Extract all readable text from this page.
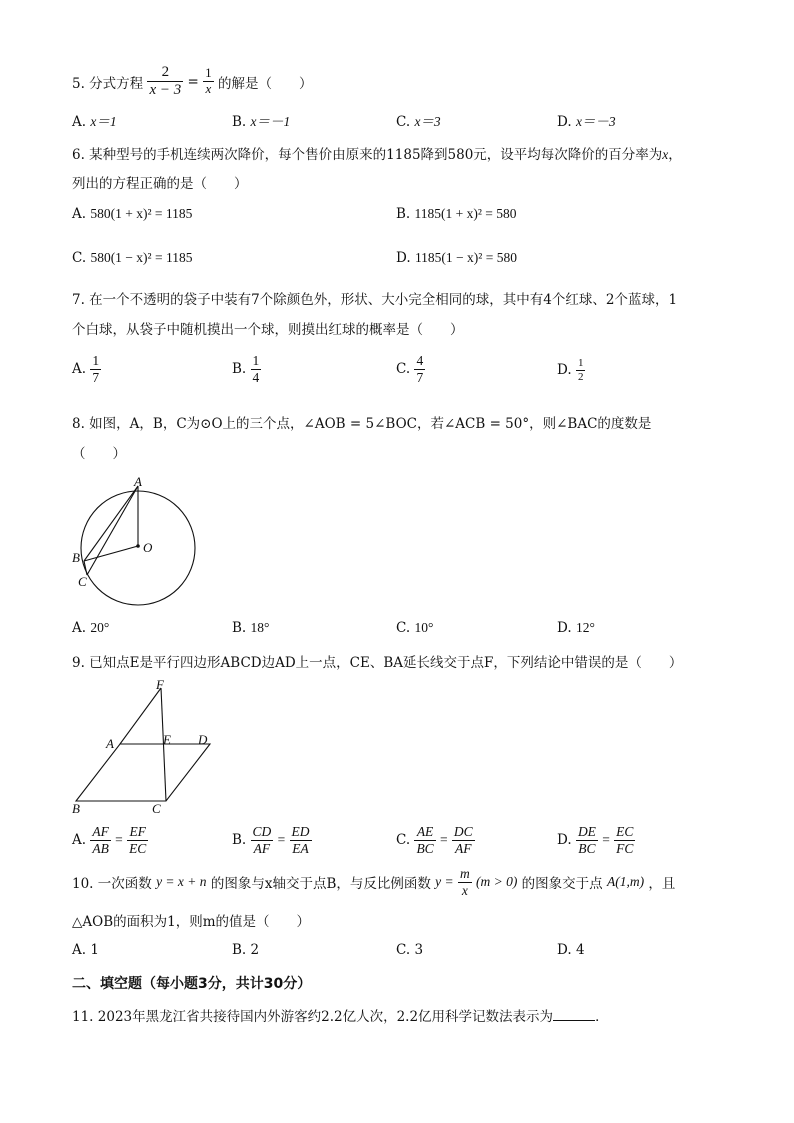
5. 分式方程 $\frac{2}{x - 3} = \frac{1}{x}$ 的解是（　　）
A. x＝1	B. x＝－1	C. x＝3	D. x＝－3
6. 某种型号的手机连续两次降价，每个售价由原来的1185降到580元，设平均每次降价的百分率为x，
列出的方程正确的是（　　）
A. 580(1 + x)² = 1185	B. 1185(1 + x)² = 580
C. 580(1 − x)² = 1185	D. 1185(1 − x)² = 580
7. 在一个不透明的袋子中装有7个除颜色外，形状、大小完全相同的球，其中有4个红球、2个蓝球，1
个白球，从袋子中随机摸出一个球，则摸出红球的概率是（　　）
A. $\frac{1}{7}$	B. $\frac{1}{4}$	C. $\frac{4}{7}$	D. $\frac{1}{2}$
8. 如图，A，B，C为⊙O上的三个点，∠AOB = 5∠BOC，若∠ACB = 50°，则∠BAC的度数是
（　　）
A
B
C
O
A. 20°	B. 18°	C. 10°	D. 12°
9. 已知点E是平行四边形ABCD边AD上一点，CE、BA延长线交于点F，下列结论中错误的是（　　）
F
A	E D
B	C
A. $\frac{AF}{AB} = \frac{EF}{EC}$	B. $\frac{CD}{AF} = \frac{ED}{EA}$	C. $\frac{AE}{BC} = \frac{DC}{AF}$	D. $\frac{DE}{BC} = \frac{EC}{FC}$
10. 一次函数 y = x + n 的图象与x轴交于点B，与反比例函数 $y = \frac{m}{x} (m > 0)$ 的图象交于点 A(1,m) ，且
△AOB的面积为1，则m的值是（　　）
A. 1	B. 2	C. 3	D. 4
二、填空题（每小题3分，共计30分）
11. 2023年黑龙江省共接待国内外游客约2.2亿人次，2.2亿用科学记数法表示为	．
